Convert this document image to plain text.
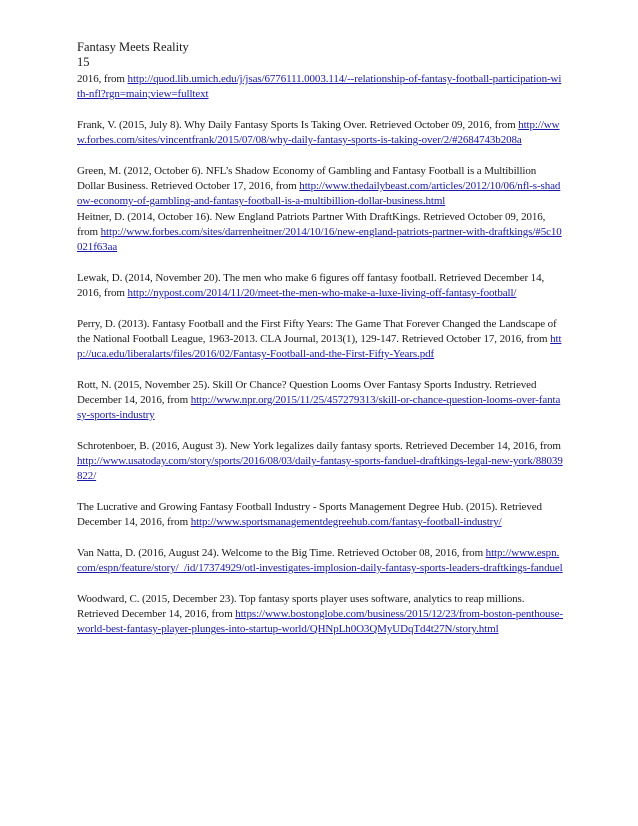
Fantasy Meets Reality

15

2016, from http://quod.lib.umich.edu/j/jsas/6776111.0003.114/--relationship-of-fantasy-football-participation-with-nfl?rgn=main;view=fulltext

Frank, V. (2015, July 8). Why Daily Fantasy Sports Is Taking Over. Retrieved October 09, 2016, from http://www.forbes.com/sites/vincentfrank/2015/07/08/why-daily-fantasy-sports-is-taking-over/2/#2684743b208a

Green, M. (2012, October 6). NFL’s Shadow Economy of Gambling and Fantasy Football is a Multibillion Dollar Business. Retrieved October 17, 2016, from http://www.thedailybeast.com/articles/2012/10/06/nfl-s-shadow-economy-of-gambling-and-fantasy-football-is-a-multibillion-dollar-business.html

Heitner, D. (2014, October 16). New England Patriots Partner With DraftKings. Retrieved October 09, 2016, from http://www.forbes.com/sites/darrenheitner/2014/10/16/new-england-patriots-partner-with-draftkings/#5c10021f63aa

Lewak, D. (2014, November 20). The men who make 6 figures off fantasy football. Retrieved December 14, 2016, from http://nypost.com/2014/11/20/meet-the-men-who-make-a-luxe-living-off-fantasy-football/

Perry, D. (2013). Fantasy Football and the First Fifty Years: The Game That Forever Changed the Landscape of the National Football League, 1963-2013. CLA Journal, 2013(1), 129-147. Retrieved October 17, 2016, from http://uca.edu/liberalarts/files/2016/02/Fantasy-Football-and-the-First-Fifty-Years.pdf

Rott, N. (2015, November 25). Skill Or Chance? Question Looms Over Fantasy Sports Industry. Retrieved December 14, 2016, from http://www.npr.org/2015/11/25/457279313/skill-or-chance-question-looms-over-fantasy-sports-industry

Schrotenboer, B. (2016, August 3). New York legalizes daily fantasy sports. Retrieved December 14, 2016, from http://www.usatoday.com/story/sports/2016/08/03/daily-fantasy-sports-fanduel-draftkings-legal-new-york/88039822/

The Lucrative and Growing Fantasy Football Industry - Sports Management Degree Hub. (2015). Retrieved December 14, 2016, from http://www.sportsmanagementdegreehub.com/fantasy-football-industry/

Van Natta, D. (2016, August 24). Welcome to the Big Time. Retrieved October 08, 2016, from http://www.espn.com/espn/feature/story/_/id/17374929/otl-investigates-implosion-daily-fantasy-sports-leaders-draftkings-fanduel

Woodward, C. (2015, December 23). Top fantasy sports player uses software, analytics to reap millions. Retrieved December 14, 2016, from https://www.bostonglobe.com/business/2015/12/23/from-boston-penthouse-world-best-fantasy-player-plunges-into-startup-world/QHNpLh0O3QMyUDqTd4t27N/story.html
